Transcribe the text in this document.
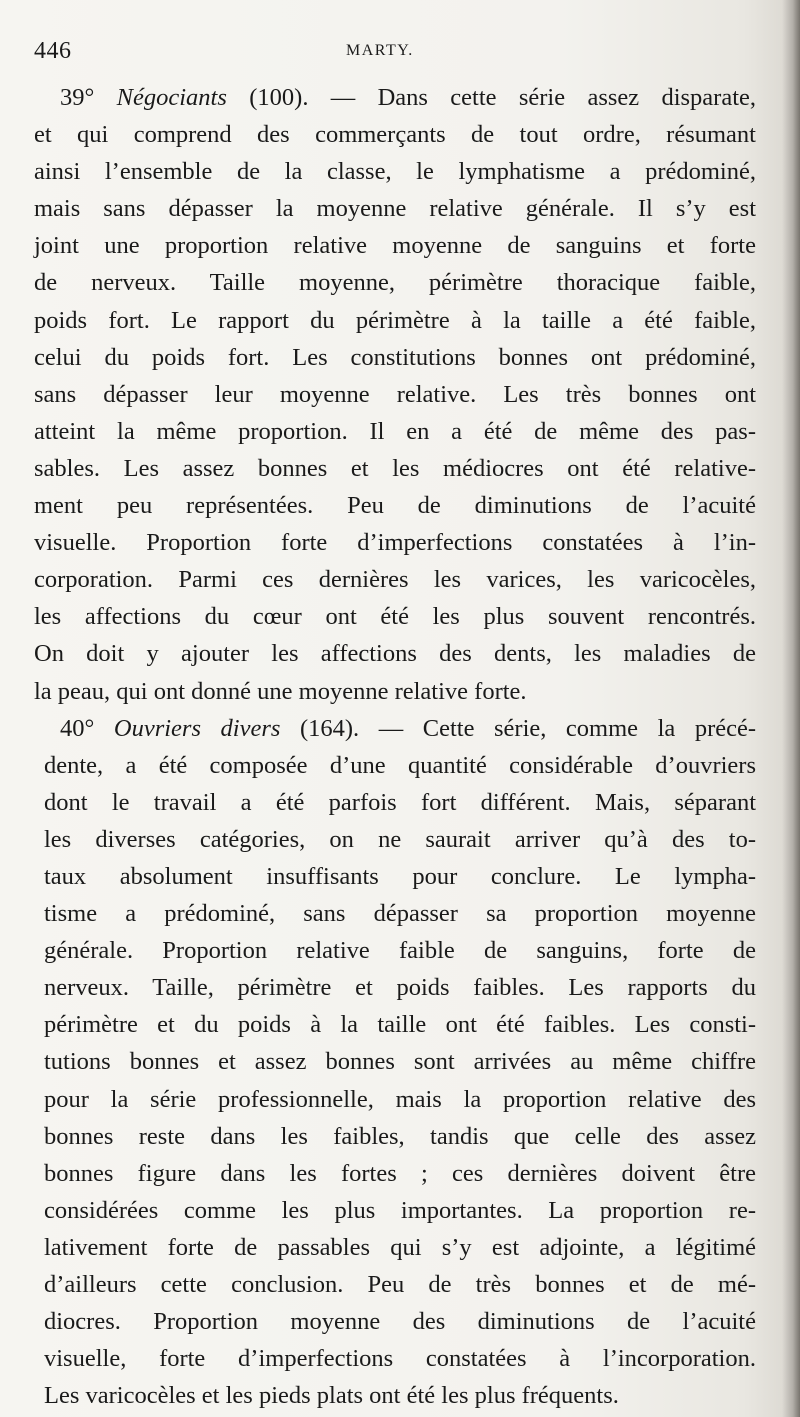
446	MARTY.
39° Négociants (100). — Dans cette série assez disparate,
et qui comprend des commerçants de tout ordre, résumant
ainsi l’ensemble de la classe, le lymphatisme a prédominé,
mais sans dépasser la moyenne relative générale. Il s’y est
joint une proportion relative moyenne de sanguins et forte
de nerveux. Taille moyenne, périmètre thoracique faible,
poids fort. Le rapport du périmètre à la taille a été faible,
celui du poids fort. Les constitutions bonnes ont prédominé,
sans dépasser leur moyenne relative. Les très bonnes ont
atteint la même proportion. Il en a été de même des pas-
sables. Les assez bonnes et les médiocres ont été relative-
ment peu représentées. Peu de diminutions de l’acuité
visuelle. Proportion forte d’imperfections constatées à l’in-
corporation. Parmi ces dernières les varices, les varicocèles,
les affections du cœur ont été les plus souvent rencontrés.
On doit y ajouter les affections des dents, les maladies de
la peau, qui ont donné une moyenne relative forte.
40° Ouvriers divers (164). — Cette série, comme la précé-
dente, a été composée d’une quantité considérable d’ouvriers
dont le travail a été parfois fort différent. Mais, séparant
les diverses catégories, on ne saurait arriver qu’à des to-
taux absolument insuffisants pour conclure. Le lympha-
tisme a prédominé, sans dépasser sa proportion moyenne
générale. Proportion relative faible de sanguins, forte de
nerveux. Taille, périmètre et poids faibles. Les rapports du
périmètre et du poids à la taille ont été faibles. Les consti-
tutions bonnes et assez bonnes sont arrivées au même chiffre
pour la série professionnelle, mais la proportion relative des
bonnes reste dans les faibles, tandis que celle des assez
bonnes figure dans les fortes ; ces dernières doivent être
considérées comme les plus importantes. La proportion re-
lativement forte de passables qui s’y est adjointe, a légitimé
d’ailleurs cette conclusion. Peu de très bonnes et de mé-
diocres. Proportion moyenne des diminutions de l’acuité
visuelle, forte d’imperfections constatées à l’incorporation.
Les varicocèles et les pieds plats ont été les plus fréquents.
